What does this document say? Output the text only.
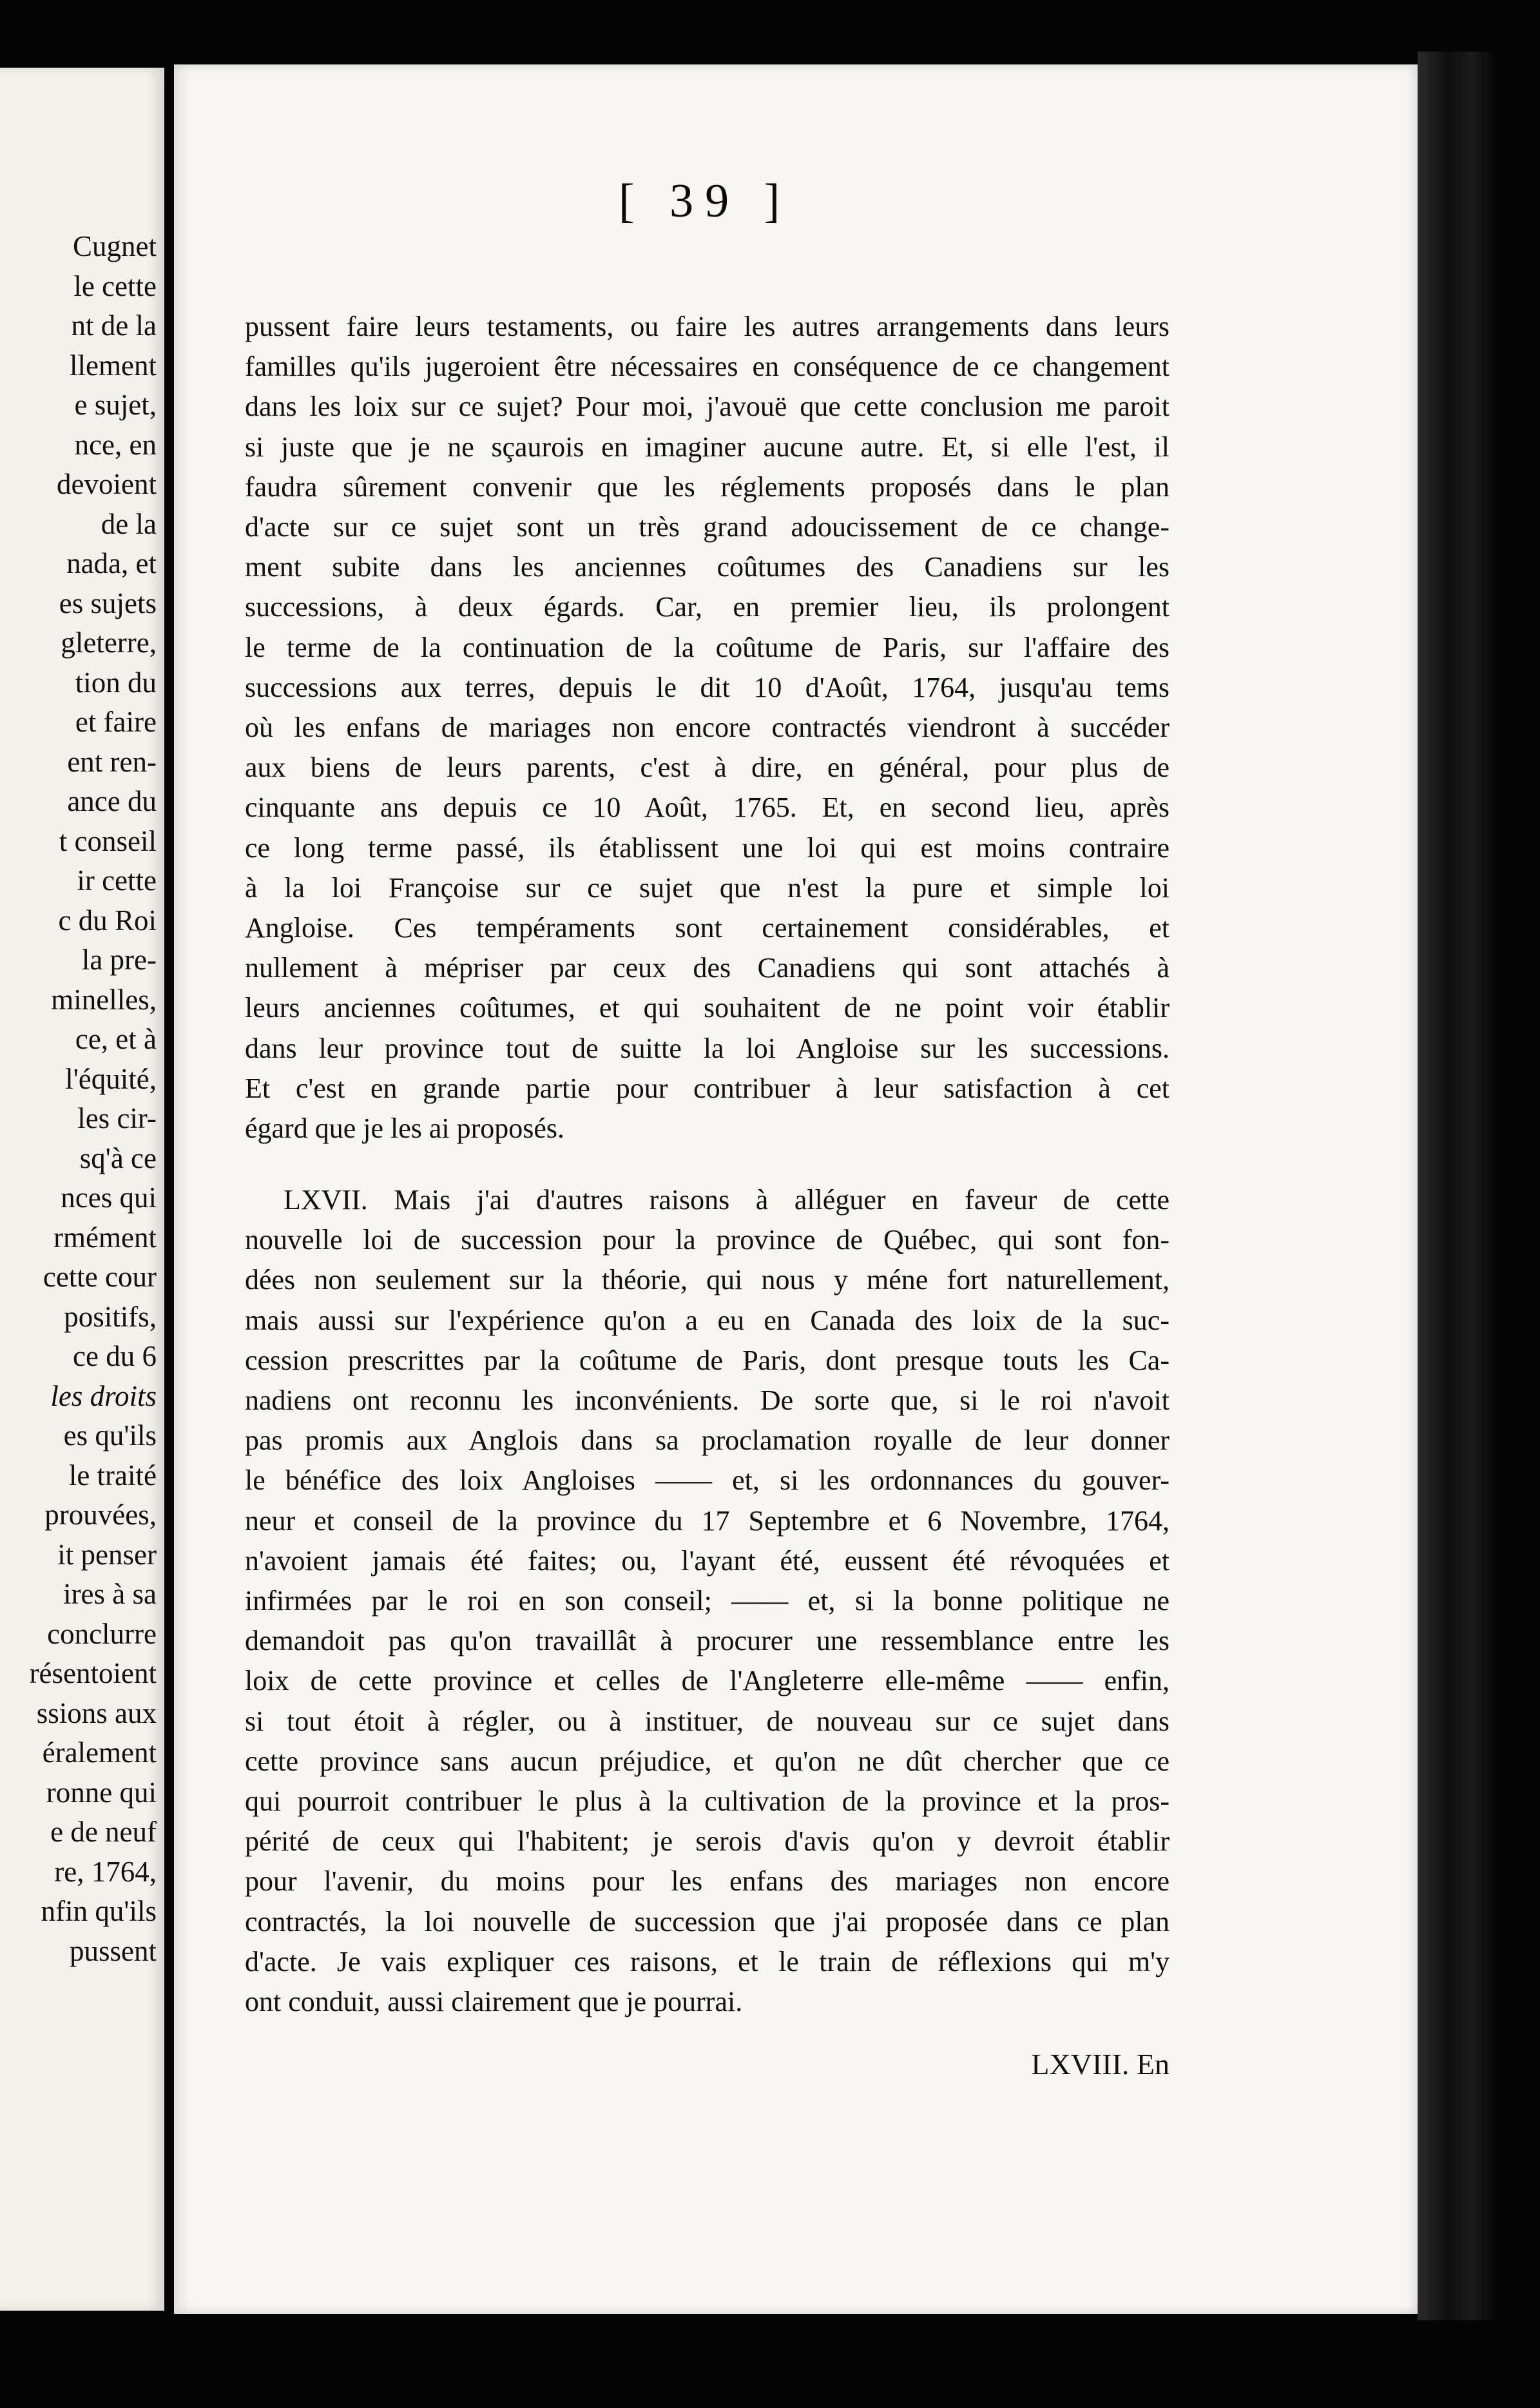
Cugnet
le cette
nt de la
llement
e sujet,
nce, en
devoient
de la
nada, et
es sujets
gleterre,
tion du
et faire
ent ren-
ance du
t conseil
ir cette
c du Roi
la pre-
minelles,
ce, et à
l'équité,
les cir-
sq'à ce
nces qui
rmément
cette cour
positifs,
ce du 6
les droits
es qu'ils
le traité
prouvées,
it penser
ires à sa
conclurre
résentoient
ssions aux
éralement
ronne qui
e de neuf
re, 1764,
nfin qu'ils
pussent
[ 39 ]
LXVIII. En
pussent faire leurs testaments, ou faire les autres arrangements dans leurs
familles qu'ils jugeroient être nécessaires en conséquence de ce changement
dans les loix sur ce sujet? Pour moi, j'avouë que cette conclusion me paroit
si juste que je ne sçaurois en imaginer aucune autre. Et, si elle l'est, il
faudra sûrement convenir que les réglements proposés dans le plan
d'acte sur ce sujet sont un très grand adoucissement de ce change-
ment subite dans les anciennes coûtumes des Canadiens sur les
successions, à deux égards. Car, en premier lieu, ils prolongent
le terme de la continuation de la coûtume de Paris, sur l'affaire des
successions aux terres, depuis le dit 10 d'Août, 1764, jusqu'au tems
où les enfans de mariages non encore contractés viendront à succéder
aux biens de leurs parents, c'est à dire, en général, pour plus de
cinquante ans depuis ce 10 Août, 1765. Et, en second lieu, après
ce long terme passé, ils établissent une loi qui est moins contraire
à la loi Françoise sur ce sujet que n'est la pure et simple loi
Angloise. Ces tempéraments sont certainement considérables, et
nullement à mépriser par ceux des Canadiens qui sont attachés à
leurs anciennes coûtumes, et qui souhaitent de ne point voir établir
dans leur province tout de suitte la loi Angloise sur les successions.
Et c'est en grande partie pour contribuer à leur satisfaction à cet
égard que je les ai proposés.
LXVII. Mais j'ai d'autres raisons à alléguer en faveur de cette
nouvelle loi de succession pour la province de Québec, qui sont fon-
dées non seulement sur la théorie, qui nous y méne fort naturellement,
mais aussi sur l'expérience qu'on a eu en Canada des loix de la suc-
cession prescrittes par la coûtume de Paris, dont presque touts les Ca-
nadiens ont reconnu les inconvénients. De sorte que, si le roi n'avoit
pas promis aux Anglois dans sa proclamation royalle de leur donner
le bénéfice des loix Angloises —— et, si les ordonnances du gouver-
neur et conseil de la province du 17 Septembre et 6 Novembre, 1764,
n'avoient jamais été faites; ou, l'ayant été, eussent été révoquées et
infirmées par le roi en son conseil; —— et, si la bonne politique ne
demandoit pas qu'on travaillât à procurer une ressemblance entre les
loix de cette province et celles de l'Angleterre elle-même —— enfin,
si tout étoit à régler, ou à instituer, de nouveau sur ce sujet dans
cette province sans aucun préjudice, et qu'on ne dût chercher que ce
qui pourroit contribuer le plus à la cultivation de la province et la pros-
périté de ceux qui l'habitent; je serois d'avis qu'on y devroit établir
pour l'avenir, du moins pour les enfans des mariages non encore
contractés, la loi nouvelle de succession que j'ai proposée dans ce plan
d'acte. Je vais expliquer ces raisons, et le train de réflexions qui m'y
ont conduit, aussi clairement que je pourrai.
